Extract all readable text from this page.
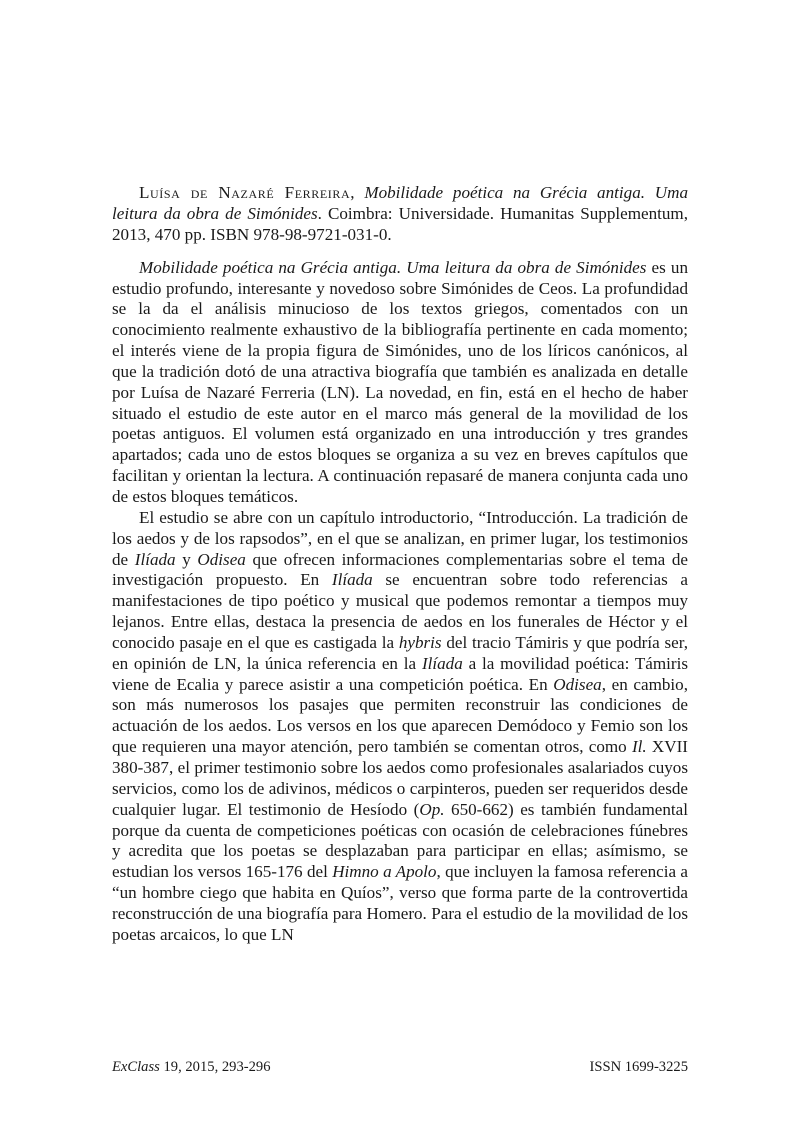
Luísa de Nazaré Ferreira, Mobilidade poética na Grécia antiga. Uma leitura da obra de Simónides. Coimbra: Universidade. Humanitas Supplementum, 2013, 470 pp. ISBN 978-98-9721-031-0.

Mobilidade poética na Grécia antiga. Uma leitura da obra de Simónides es un estudio profundo, interesante y novedoso sobre Simónides de Ceos. La profundidad se la da el análisis minucioso de los textos griegos, comentados con un conocimiento realmente exhaustivo de la bibliografía pertinente en cada momento; el interés viene de la propia figura de Simónides, uno de los líricos canónicos, al que la tradición dotó de una atractiva biografía que también es analizada en detalle por Luísa de Nazaré Ferreria (LN). La novedad, en fin, está en el hecho de haber situado el estudio de este autor en el marco más general de la movilidad de los poetas antiguos. El volumen está organizado en una introducción y tres grandes apartados; cada uno de estos bloques se organiza a su vez en breves capítulos que facilitan y orientan la lectura. A continuación repasaré de manera conjunta cada uno de estos bloques temáticos.

El estudio se abre con un capítulo introductorio, “Introducción. La tradición de los aedos y de los rapsodos”, en el que se analizan, en primer lugar, los testimonios de Ilíada y Odisea que ofrecen informaciones complementarias sobre el tema de investigación propuesto. En Ilíada se encuentran sobre todo referencias a manifestaciones de tipo poético y musical que podemos remontar a tiempos muy lejanos. Entre ellas, destaca la presencia de aedos en los funerales de Héctor y el conocido pasaje en el que es castigada la hybris del tracio Támiris y que podría ser, en opinión de LN, la única referencia en la Ilíada a la movilidad poética: Támiris viene de Ecalia y parece asistir a una competición poética. En Odisea, en cambio, son más numerosos los pasajes que permiten reconstruir las condiciones de actuación de los aedos. Los versos en los que aparecen Demódoco y Femio son los que requieren una mayor atención, pero también se comentan otros, como Il. XVII 380-387, el primer testimonio sobre los aedos como profesionales asalariados cuyos servicios, como los de adivinos, médicos o carpinteros, pueden ser requeridos desde cualquier lugar. El testimonio de Hesíodo (Op. 650-662) es también fundamental porque da cuenta de competiciones poéticas con ocasión de celebraciones fúnebres y acredita que los poetas se desplazaban para participar en ellas; asímismo, se estudian los versos 165-176 del Himno a Apolo, que incluyen la famosa referencia a “un hombre ciego que habita en Quíos”, verso que forma parte de la controvertida reconstrucción de una biografía para Homero. Para el estudio de la movilidad de los poetas arcaicos, lo que LN

ExClass 19, 2015, 293-296	ISSN 1699-3225
